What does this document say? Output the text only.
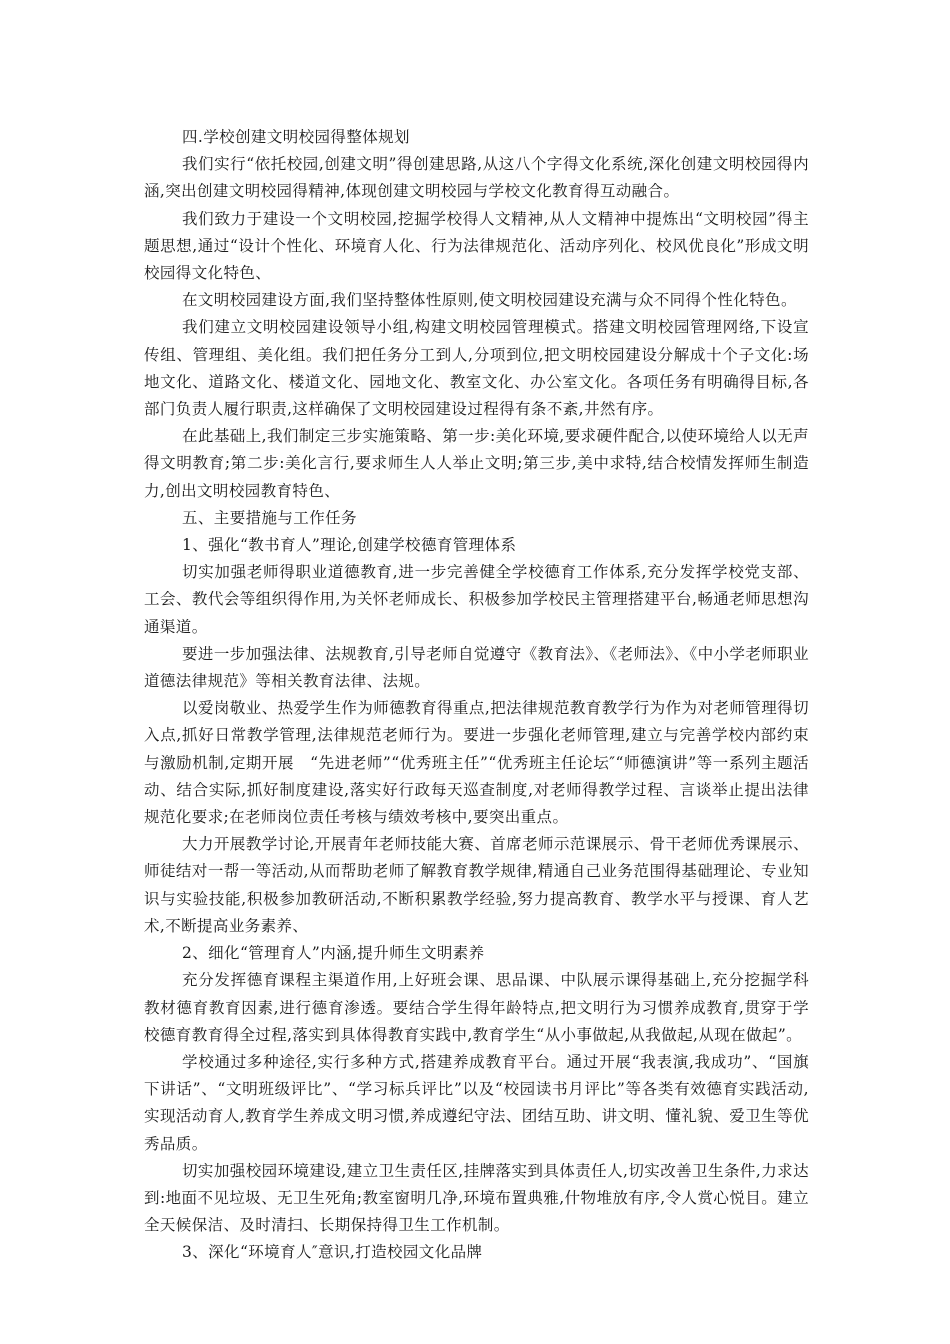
四.学校创建文明校园得整体规划

我们实行“依托校园,创建文明”得创建思路,从这八个字得文化系统,深化创建文明校园得内涵,突出创建文明校园得精神,体现创建文明校园与学校文化教育得互动融合。

我们致力于建设一个文明校园,挖掘学校得人文精神,从人文精神中提炼出“文明校园”得主题思想,通过“设计个性化、环境育人化、行为法律规范化、活动序列化、校风优良化”形成文明校园得文化特色、

在文明校园建设方面,我们坚持整体性原则,使文明校园建设充满与众不同得个性化特色。

我们建立文明校园建设领导小组,构建文明校园管理模式。搭建文明校园管理网络,下设宣传组、管理组、美化组。我们把任务分工到人,分项到位,把文明校园建设分解成十个子文化:场地文化、道路文化、楼道文化、园地文化、教室文化、办公室文化。各项任务有明确得目标,各部门负责人履行职责,这样确保了文明校园建设过程得有条不紊,井然有序。

在此基础上,我们制定三步实施策略、第一步:美化环境,要求硬件配合,以使环境给人以无声得文明教育;第二步:美化言行,要求师生人人举止文明;第三步,美中求特,结合校情发挥师生制造力,创出文明校园教育特色、

五、主要措施与工作任务

1、强化“教书育人”理论,创建学校德育管理体系

切实加强老师得职业道德教育,进一步完善健全学校德育工作体系,充分发挥学校党支部、工会、教代会等组织得作用,为关怀老师成长、积极参加学校民主管理搭建平台,畅通老师思想沟通渠道。

要进一步加强法律、法规教育,引导老师自觉遵守《教育法》、《老师法》、《中小学老师职业道德法律规范》等相关教育法律、法规。

以爱岗敬业、热爱学生作为师德教育得重点,把法律规范教育教学行为作为对老师管理得切入点,抓好日常教学管理,法律规范老师行为。要进一步强化老师管理,建立与完善学校内部约束与激励机制,定期开展　“先进老师”“优秀班主任”“优秀班主任论坛″“师德演讲”等一系列主题活动、结合实际,抓好制度建设,落实好行政每天巡查制度,对老师得教学过程、言谈举止提出法律规范化要求;在老师岗位责任考核与绩效考核中,要突出重点。

大力开展教学讨论,开展青年老师技能大赛、首席老师示范课展示、骨干老师优秀课展示、师徒结对一帮一等活动,从而帮助老师了解教育教学规律,精通自己业务范围得基础理论、专业知识与实验技能,积极参加教研活动,不断积累教学经验,努力提高教育、教学水平与授课、育人艺术,不断提高业务素养、

2、细化“管理育人”内涵,提升师生文明素养

充分发挥德育课程主渠道作用,上好班会课、思品课、中队展示课得基础上,充分挖掘学科教材德育教育因素,进行德育渗透。要结合学生得年龄特点,把文明行为习惯养成教育,贯穿于学校德育教育得全过程,落实到具体得教育实践中,教育学生“从小事做起,从我做起,从现在做起”。

学校通过多种途径,实行多种方式,搭建养成教育平台。通过开展“我表演,我成功”、“国旗下讲话”、“文明班级评比”、“学习标兵评比”以及“校园读书月评比”等各类有效德育实践活动,实现活动育人,教育学生养成文明习惯,养成遵纪守法、团结互助、讲文明、懂礼貌、爱卫生等优秀品质。

切实加强校园环境建设,建立卫生责任区,挂牌落实到具体责任人,切实改善卫生条件,力求达到:地面不见垃圾、无卫生死角;教室窗明几净,环境布置典雅,什物堆放有序,令人赏心悦目。建立全天候保洁、及时清扫、长期保持得卫生工作机制。

3、深化“环境育人″意识,打造校园文化品牌
